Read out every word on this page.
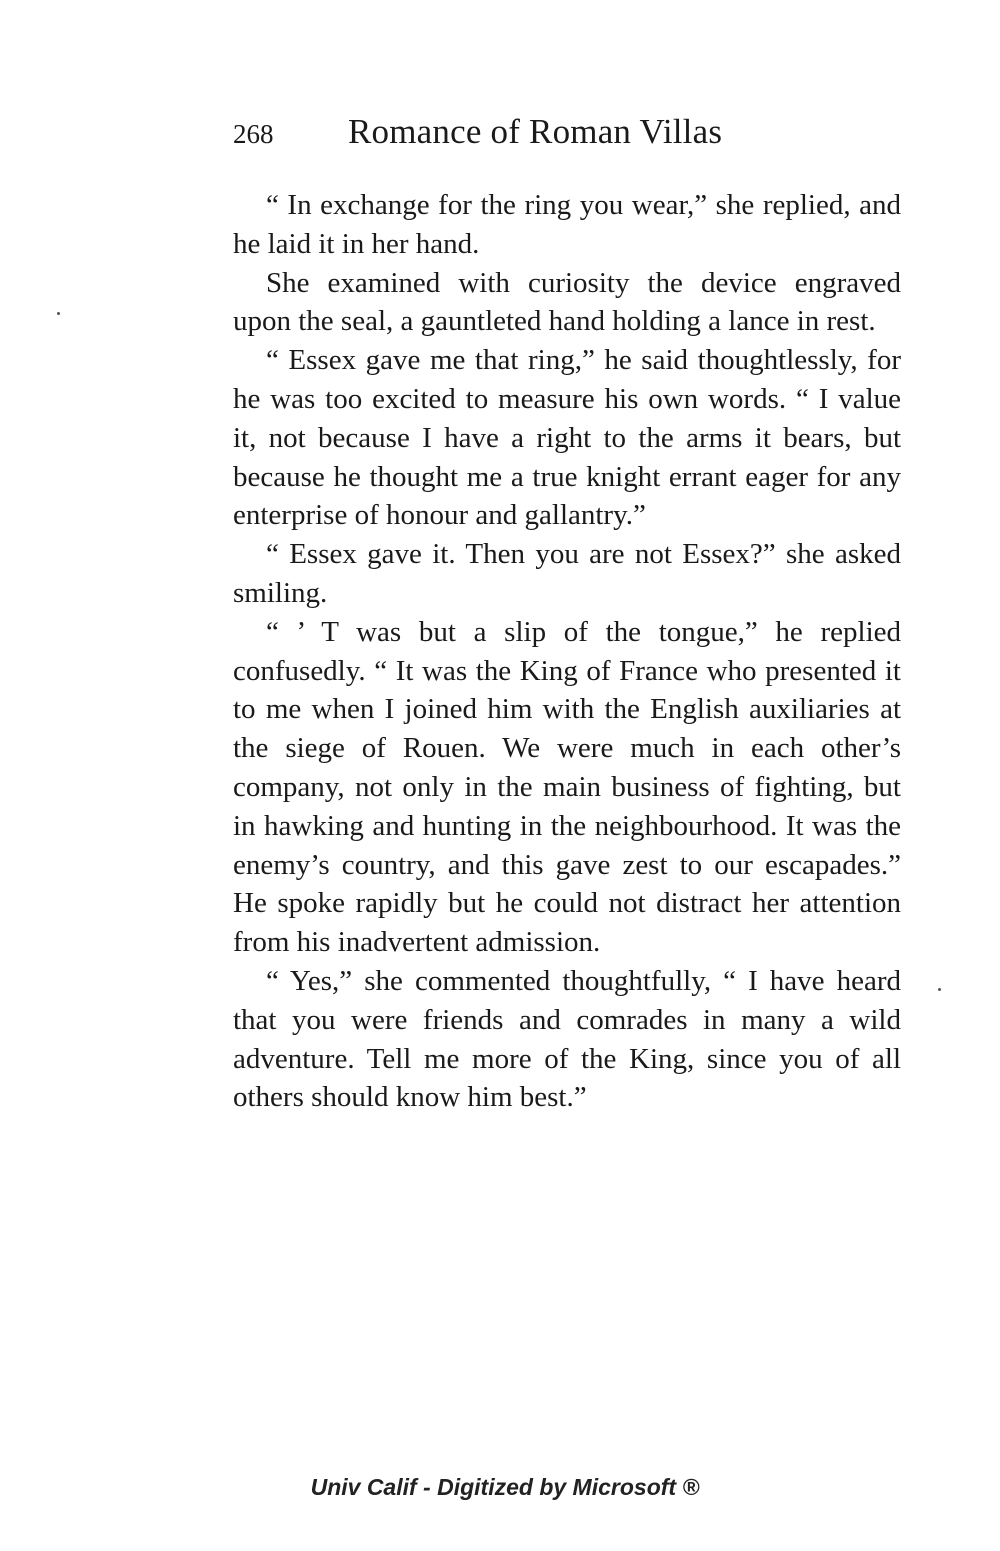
268	Romance of Roman Villas

“ In exchange for the ring you wear,” she replied, and he laid it in her hand.

She examined with curiosity the device engraved upon the seal, a gauntleted hand holding a lance in rest.

“ Essex gave me that ring,” he said thoughtlessly, for he was too excited to measure his own words. “ I value it, not because I have a right to the arms it bears, but because he thought me a true knight errant eager for any enterprise of honour and gallantry.”

“ Essex gave it. Then you are not Essex?” she asked smiling.

“ ’ T was but a slip of the tongue,” he replied confusedly. “ It was the King of France who presented it to me when I joined him with the English auxiliaries at the siege of Rouen. We were much in each other’s company, not only in the main business of fighting, but in hawking and hunting in the neighbourhood. It was the enemy’s country, and this gave zest to our escapades.” He spoke rapidly but he could not distract her attention from his inadvertent admission.

“ Yes,” she commented thoughtfully, “ I have heard that you were friends and comrades in many a wild adventure. Tell me more of the King, since you of all others should know him best.”

Univ Calif - Digitized by Microsoft ®
